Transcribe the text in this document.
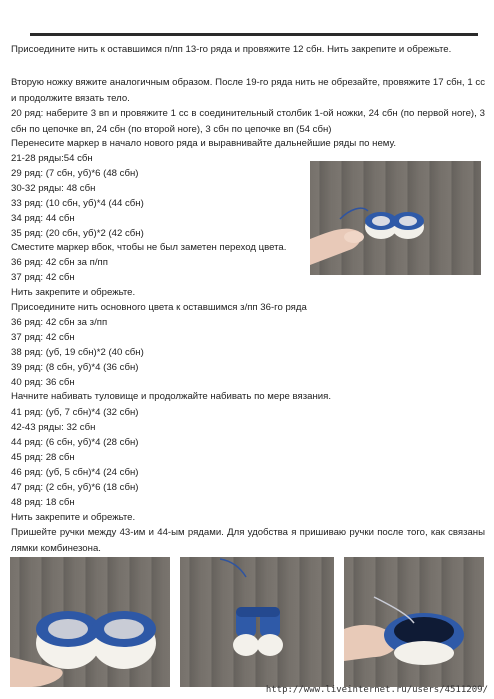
Присоедините нить к оставшимся п/пп 13-го ряда и провяжите 12 сбн. Нить закрепите и обрежьте.
Вторую ножку вяжите аналогичным образом. После 19-го ряда нить не обрезайте, провяжите 17 сбн, 1 сс и продолжите вязать тело.
20 ряд: наберите 3 вп и провяжите 1 сс в соединительный столбик 1-ой ножки, 24 сбн (по первой ноге), 3 сбн по цепочке вп, 24 сбн (по второй ноге), 3 сбн по цепочке вп (54 сбн)
Перенесите маркер в начало нового ряда и выравнивайте дальнейшие ряды по нему.
21-28 ряды:54 сбн
29 ряд: (7 сбн, уб)*6 (48 сбн)
30-32 ряды: 48 сбн
33 ряд: (10 сбн, уб)*4 (44 сбн)
34 ряд: 44 сбн
35 ряд: (20 сбн, уб)*2 (42 сбн)
Сместите маркер вбок, чтобы не был заметен переход цвета.
36 ряд: 42 сбн за п/пп
37 ряд: 42 сбн
Нить закрепите и обрежьте.
Присоедините нить основного цвета к оставшимся з/пп 36-го ряда
36 ряд: 42 сбн за з/пп
37 ряд: 42 сбн
38 ряд: (уб, 19 сбн)*2 (40 сбн)
39 ряд: (8 сбн, уб)*4 (36 сбн)
40 ряд: 36 сбн
Начните набивать туловище и продолжайте набивать по мере вязания.
41 ряд: (уб, 7 сбн)*4 (32 сбн)
42-43 ряды: 32 сбн
44 ряд: (6 сбн, уб)*4 (28 сбн)
45 ряд: 28 сбн
46 ряд: (уб, 5 сбн)*4 (24 сбн)
47 ряд: (2 сбн, уб)*6 (18 сбн)
48 ряд: 18 сбн
Нить закрепите и обрежьте.
Пришейте ручки между 43-им и 44-ым рядами. Для удобства я пришиваю ручки после того, как связаны лямки комбинезона.
http://www.liveinternet.ru/users/4511209/
